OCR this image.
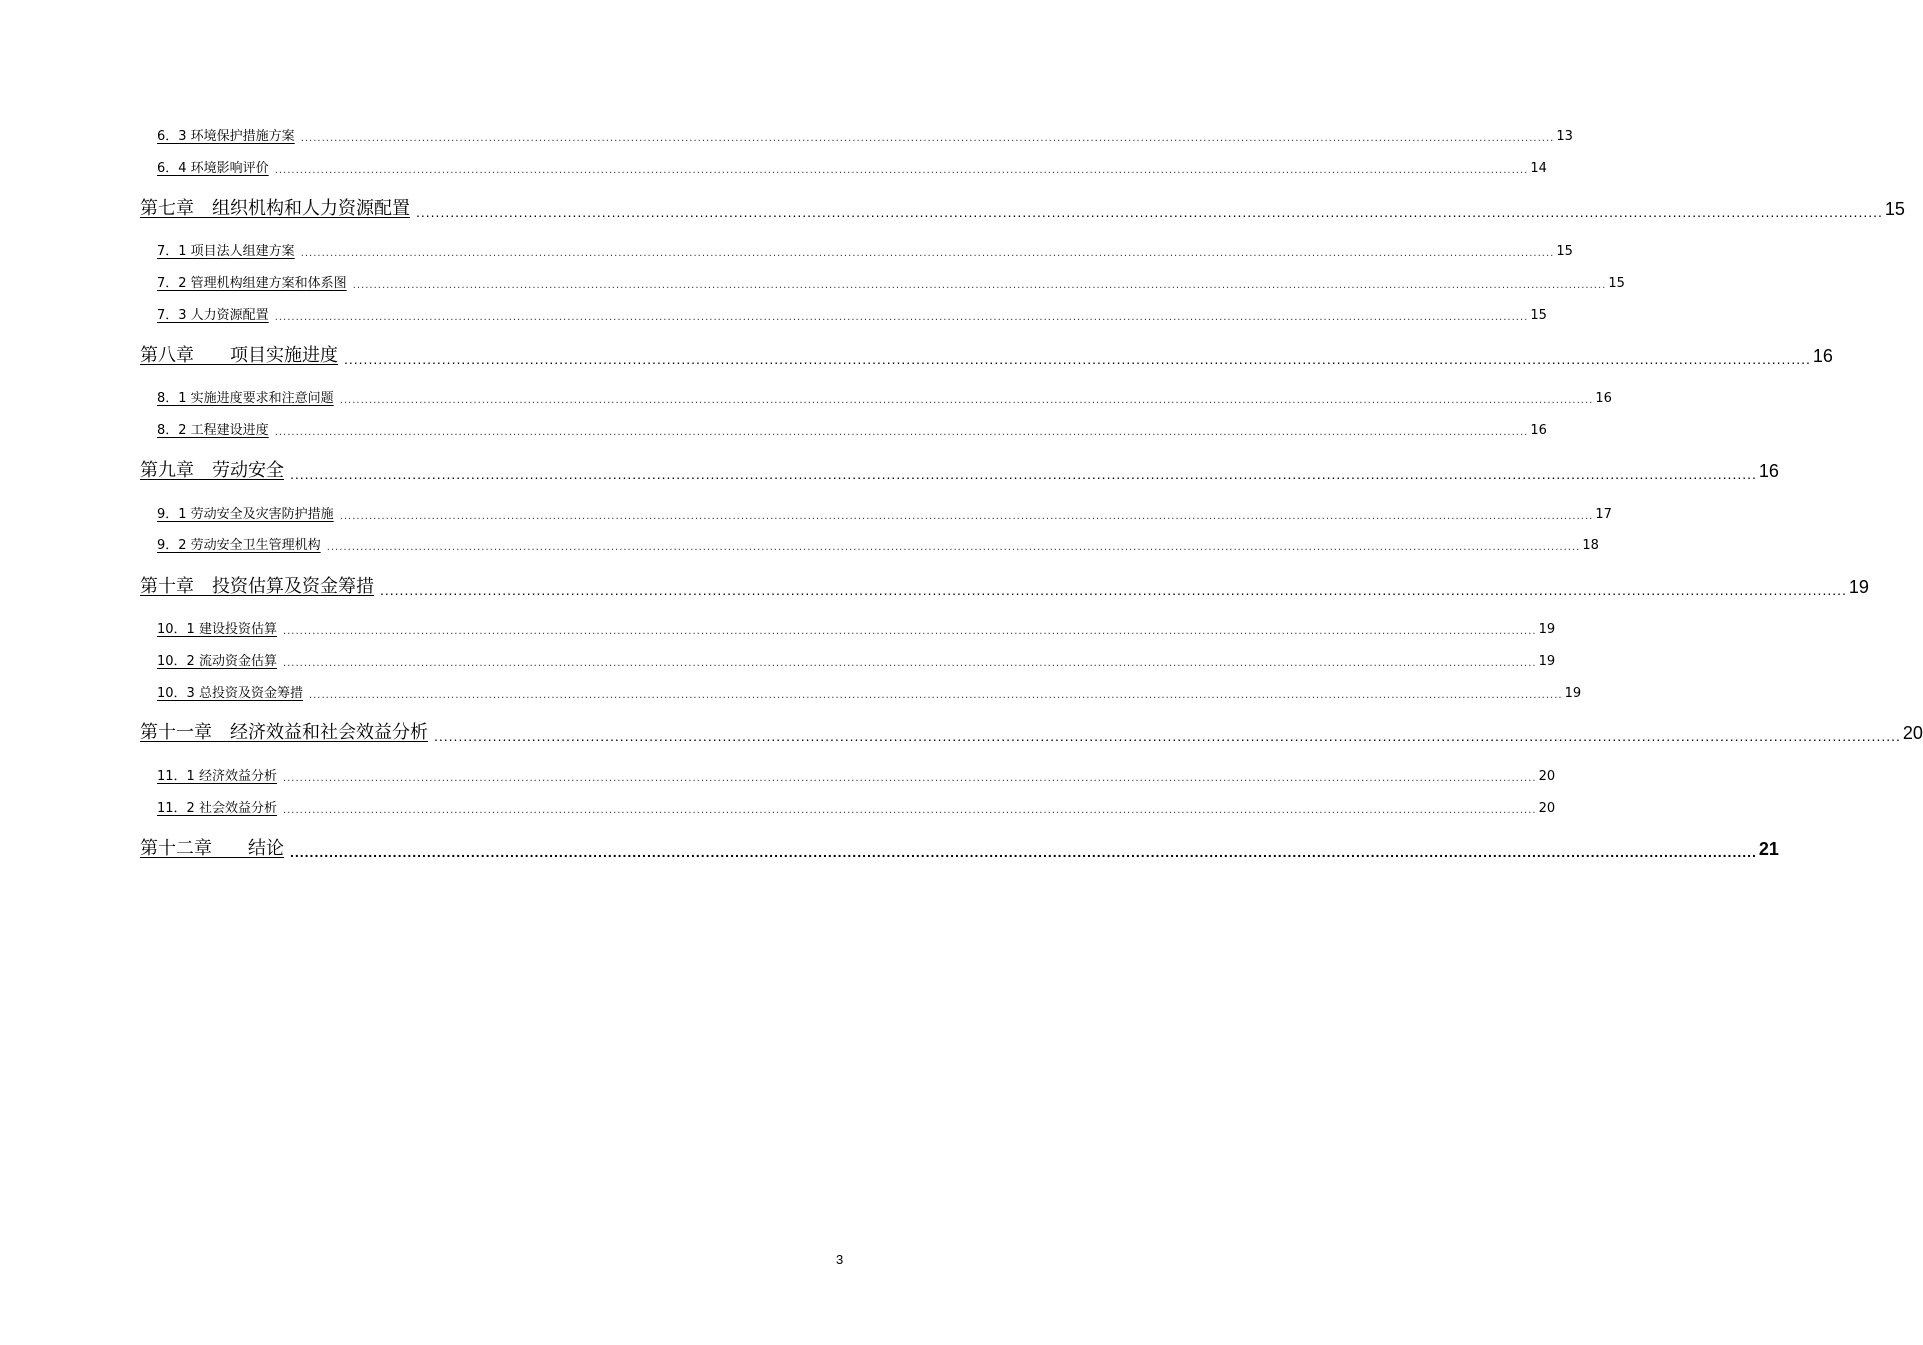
6．3 环境保护措施方案 ............................................................................................................................................................................................................................................................................................................ 13
6．4 环境影响评价 ............................................................................................................................................................................................................................................................................................................ 14
第七章　组织机构和人力资源配置 ............................................................................................................................................................................................................................................................................................................ 15
7．1 项目法人组建方案 ............................................................................................................................................................................................................................................................................................................ 15
7．2 管理机构组建方案和体系图 ............................................................................................................................................................................................................................................................................................................ 15
7．3 人力资源配置 ............................................................................................................................................................................................................................................................................................................ 15
第八章　　项目实施进度 ............................................................................................................................................................................................................................................................................................................ 16
8．1 实施进度要求和注意问题 ............................................................................................................................................................................................................................................................................................................ 16
8．2 工程建设进度 ............................................................................................................................................................................................................................................................................................................ 16
第九章　劳动安全 ............................................................................................................................................................................................................................................................................................................ 16
9．1 劳动安全及灾害防护措施 ............................................................................................................................................................................................................................................................................................................ 17
9．2 劳动安全卫生管理机构 ............................................................................................................................................................................................................................................................................................................ 18
第十章　投资估算及资金筹措 ............................................................................................................................................................................................................................................................................................................ 19
10．1 建设投资估算 ............................................................................................................................................................................................................................................................................................................ 19
10．2 流动资金估算 ............................................................................................................................................................................................................................................................................................................ 19
10．3 总投资及资金筹措 ............................................................................................................................................................................................................................................................................................................ 19
第十一章　经济效益和社会效益分析 ............................................................................................................................................................................................................................................................................................................ 20
11．1 经济效益分析 ............................................................................................................................................................................................................................................................................................................ 20
11．2 社会效益分析 ............................................................................................................................................................................................................................................................................................................ 20
第十二章　　结论 ............................................................................................................................................................................................................................................................................................................ 21
3
